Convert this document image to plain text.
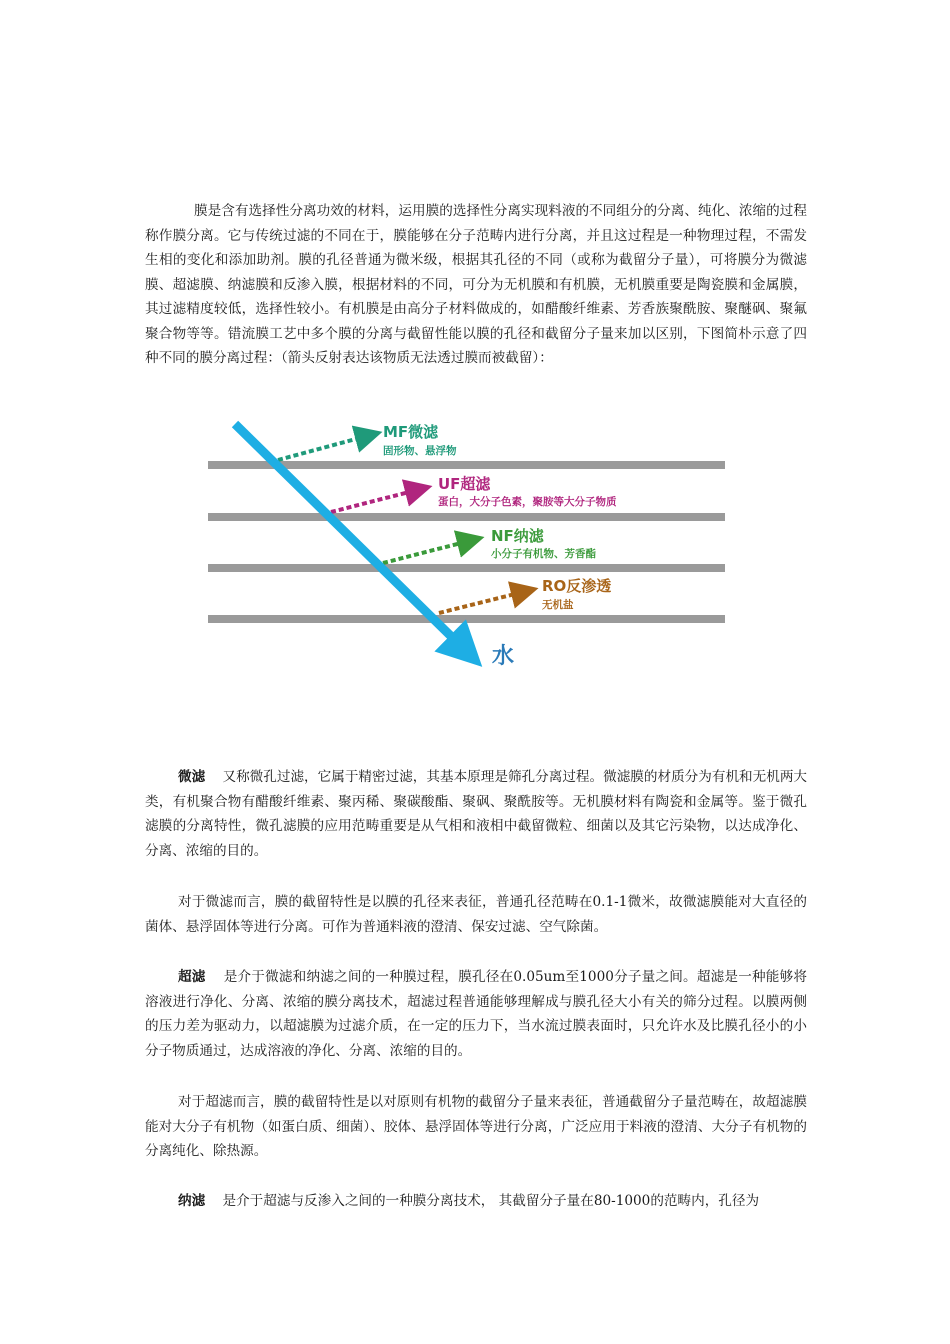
膜是含有选择性分离功效的材料，运用膜的选择性分离实现料液的不同组分的分离、纯化、浓缩的过程称作膜分离。它与传统过滤的不同在于，膜能够在分子范畴内进行分离，并且这过程是一种物理过程，不需发生相的变化和添加助剂。膜的孔径普通为微米级，根据其孔径的不同（或称为截留分子量），可将膜分为微滤膜、超滤膜、纳滤膜和反渗入膜，根据材料的不同，可分为无机膜和有机膜，无机膜重要是陶瓷膜和金属膜，其过滤精度较低，选择性较小。有机膜是由高分子材料做成的，如醋酸纤维素、芳香族聚酰胺、聚醚砜、聚氟聚合物等等。错流膜工艺中多个膜的分离与截留性能以膜的孔径和截留分子量来加以区别，下图简朴示意了四种不同的膜分离过程：（箭头反射表达该物质无法透过膜而被截留）：

MF微滤
固形物、悬浮物
UF超滤
蛋白，大分子色素，聚胺等大分子物质
NF纳滤
小分子有机物、芳香酯
RO反渗透
无机盐
水

微滤 又称微孔过滤，它属于精密过滤，其基本原理是筛孔分离过程。微滤膜的材质分为有机和无机两大类，有机聚合物有醋酸纤维素、聚丙稀、聚碳酸酯、聚砜、聚酰胺等。无机膜材料有陶瓷和金属等。鉴于微孔滤膜的分离特性，微孔滤膜的应用范畴重要是从气相和液相中截留微粒、细菌以及其它污染物，以达成净化、分离、浓缩的目的。

对于微滤而言，膜的截留特性是以膜的孔径来表征，普通孔径范畴在0.1-1微米，故微滤膜能对大直径的菌体、悬浮固体等进行分离。可作为普通料液的澄清、保安过滤、空气除菌。

超滤 是介于微滤和纳滤之间的一种膜过程，膜孔径在0.05um至1000分子量之间。超滤是一种能够将溶液进行净化、分离、浓缩的膜分离技术，超滤过程普通能够理解成与膜孔径大小有关的筛分过程。以膜两侧的压力差为驱动力，以超滤膜为过滤介质，在一定的压力下，当水流过膜表面时，只允许水及比膜孔径小的小分子物质通过，达成溶液的净化、分离、浓缩的目的。

对于超滤而言，膜的截留特性是以对原则有机物的截留分子量来表征，普通截留分子量范畴在，故超滤膜能对大分子有机物（如蛋白质、细菌）、胶体、悬浮固体等进行分离，广泛应用于料液的澄清、大分子有机物的分离纯化、除热源。

纳滤 是介于超滤与反渗入之间的一种膜分离技术， 其截留分子量在80-1000的范畴内，孔径为
